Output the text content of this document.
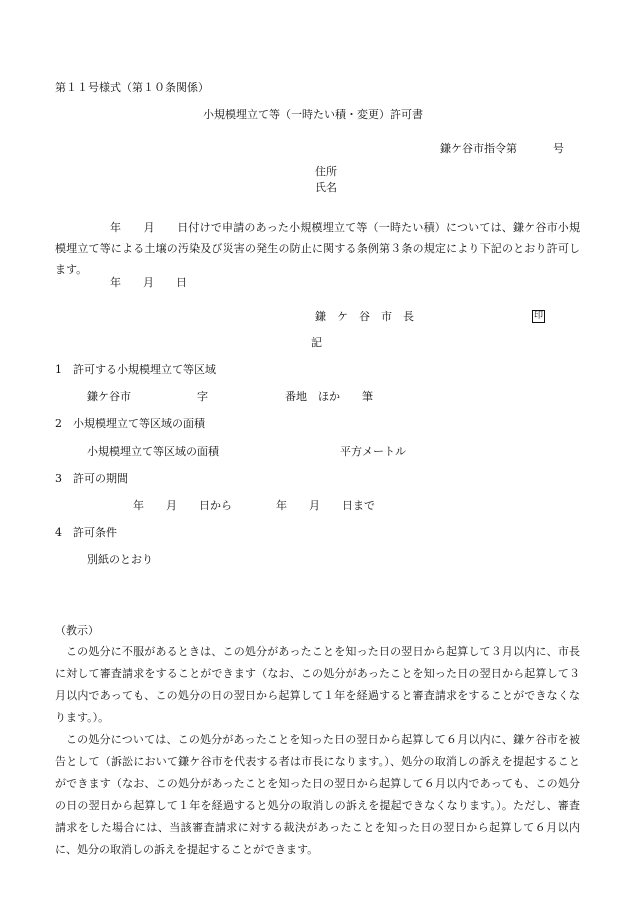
第１１号様式（第１０条関係）
小規模埋立て等（一時たい積・変更）許可書
鎌ケ谷市指令第	号
住所
氏名
年　　月　　日付けで申請のあった小規模埋立て等（一時たい積）については、鎌ケ谷市小規模埋立て等による土壌の汚染及び災害の発生の防止に関する条例第３条の規定により下記のとおり許可します。
年　　月　　日
鎌　ケ　谷　市　長	印
記
1　許可する小規模埋立て等区域
鎌ケ谷市　　　　　　字　　　　　　　番地　ほか　　筆
2　小規模埋立て等区域の面積
小規模埋立て等区域の面積　　　　　　　　　　　平方メートル
3　許可の期間
年　　月　　日から　　　　年　　月　　日まで
4　許可条件
別紙のとおり
（教示）
この処分に不服があるときは、この処分があったことを知った日の翌日から起算して３月以内に、市長に対して審査請求をすることができます（なお、この処分があったことを知った日の翌日から起算して３月以内であっても、この処分の日の翌日から起算して１年を経過すると審査請求をすることができなくなります。）。
この処分については、この処分があったことを知った日の翌日から起算して６月以内に、鎌ケ谷市を被告として（訴訟において鎌ケ谷市を代表する者は市長になります。）、処分の取消しの訴えを提起することができます（なお、この処分があったことを知った日の翌日から起算して６月以内であっても、この処分の日の翌日から起算して１年を経過すると処分の取消しの訴えを提起できなくなります。）。ただし、審査請求をした場合には、当該審査請求に対する裁決があったことを知った日の翌日から起算して６月以内に、処分の取消しの訴えを提起することができます。
